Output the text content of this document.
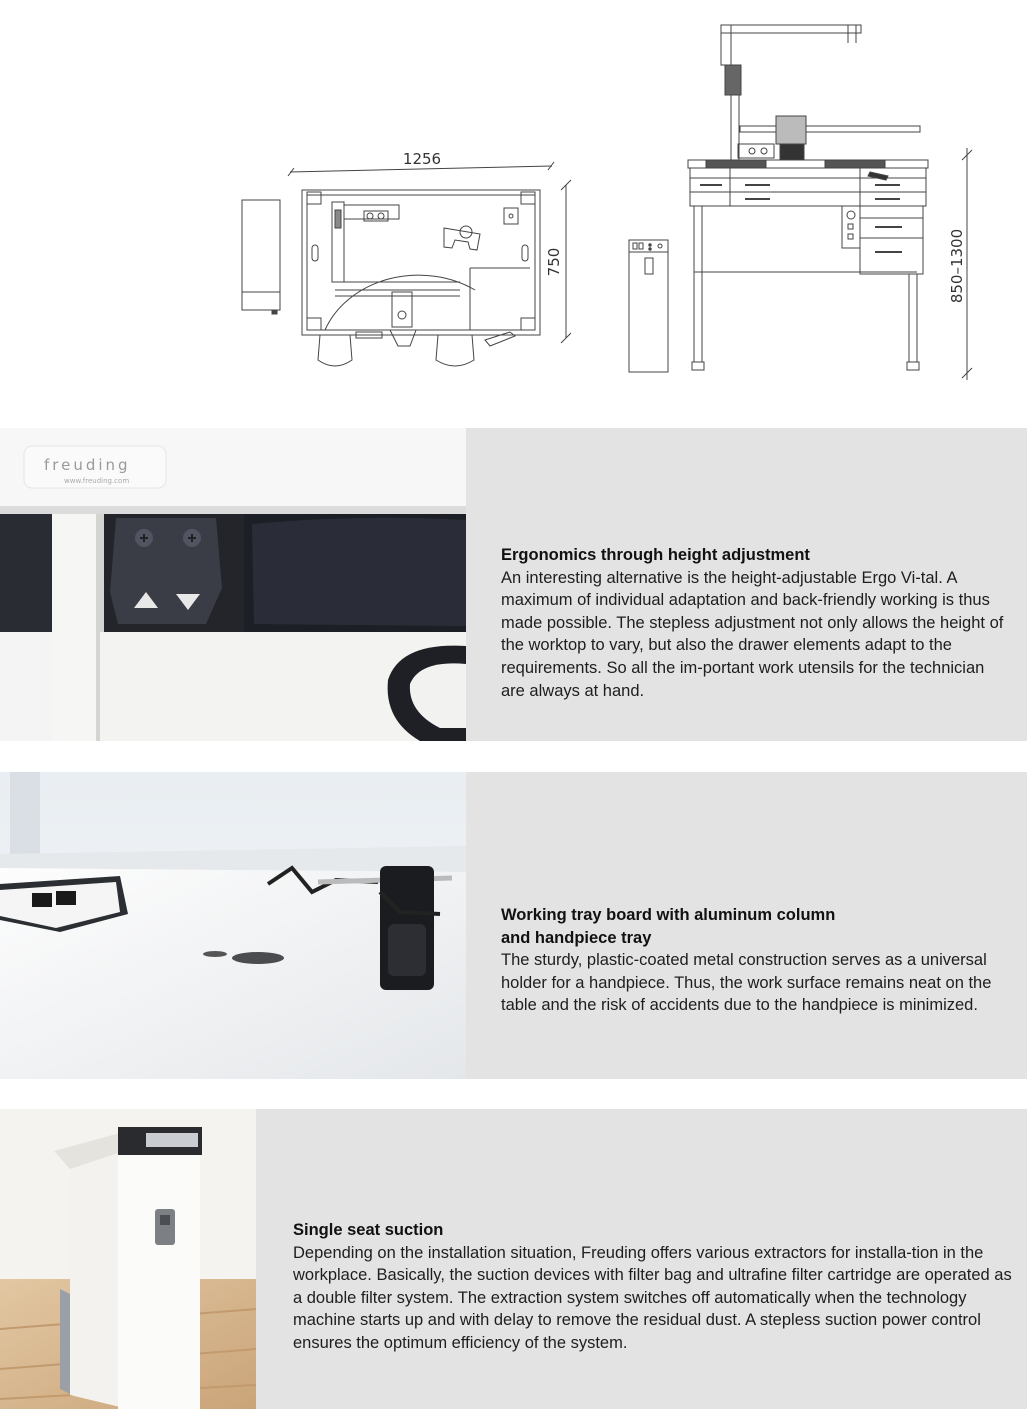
1256
750	850–1300
freuding
www.freuding.com
Ergonomics through height adjustment

An interesting alternative is the height-adjustable Ergo Vi-tal. A maximum of individual adaptation and back-friendly working is thus made possible. The stepless adjustment not only allows the height of the worktop to vary, but also the drawer elements adapt to the requirements. So all the im-portant work utensils for the technician are always at hand.

Working tray board with aluminum column
and handpiece tray

The sturdy, plastic-coated metal construction serves as a universal holder for a handpiece. Thus, the work surface remains neat on the table and the risk of accidents due to the handpiece is minimized.

Single seat suction

Depending on the installation situation, Freuding offers various extractors for installa-tion in the workplace. Basically, the suction devices with filter bag and ultrafine filter cartridge are operated as a double filter system. The extraction system switches off automatically when the technology machine starts up and with delay to remove the residual dust. A stepless suction power control ensures the optimum efficiency of the system.
